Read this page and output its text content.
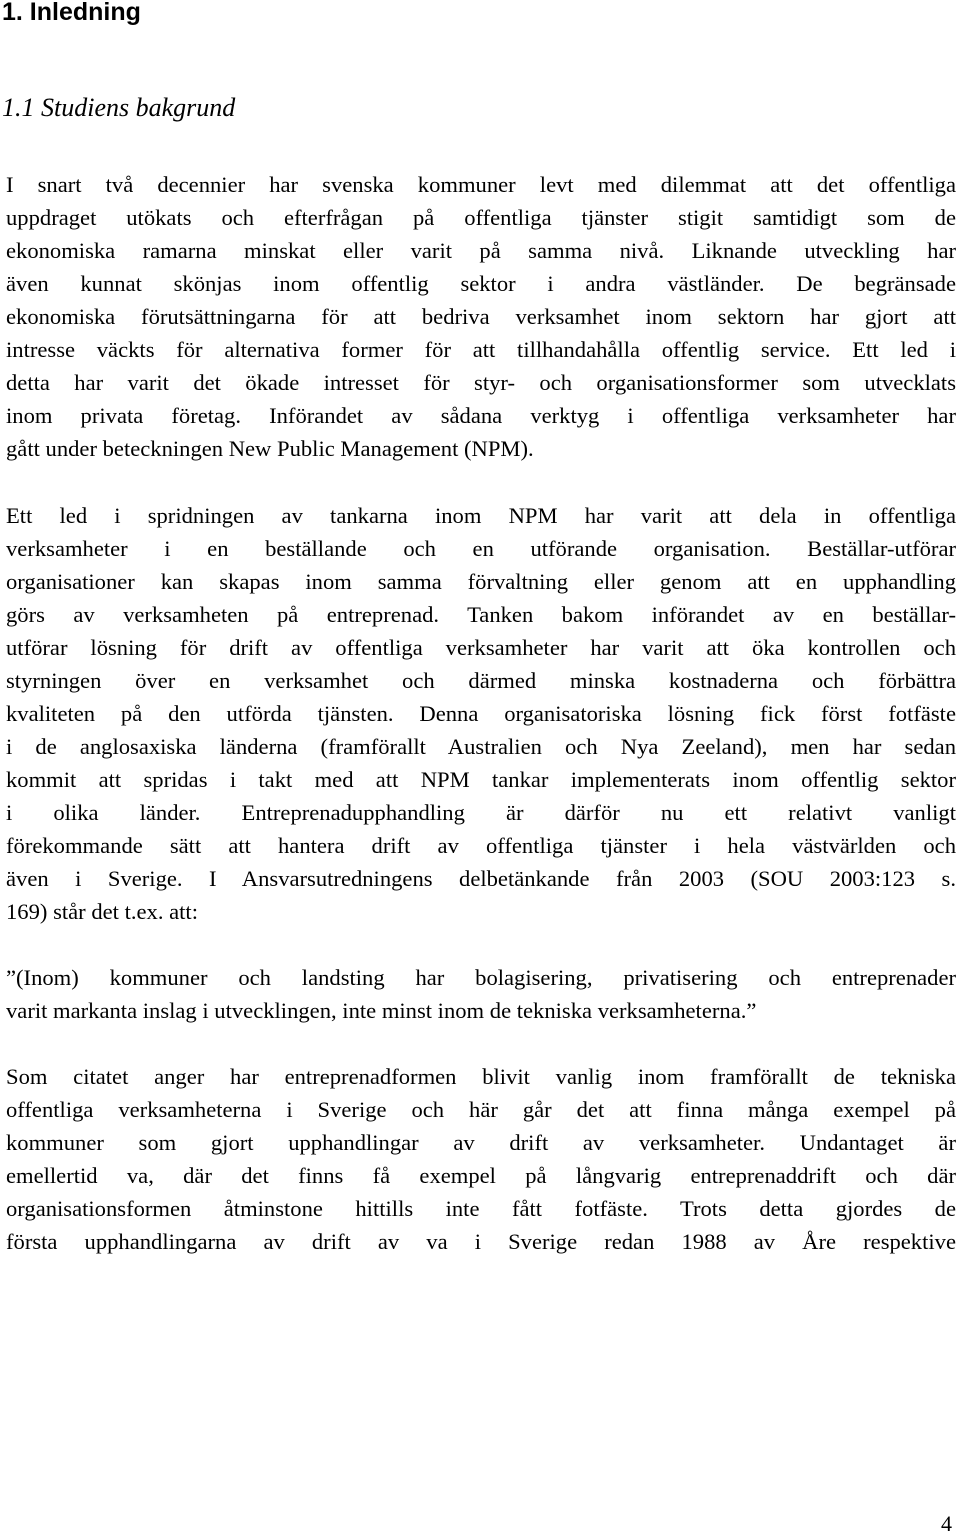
1. Inledning
1.1 Studiens bakgrund
I snart två decennier har svenska kommuner levt med dilemmat att det offentliga
uppdraget utökats och efterfrågan på offentliga tjänster stigit samtidigt som de
ekonomiska ramarna minskat eller varit på samma nivå. Liknande utveckling har
även kunnat skönjas inom offentlig sektor i andra västländer. De begränsade
ekonomiska förutsättningarna för att bedriva verksamhet inom sektorn har gjort att
intresse väckts för alternativa former för att tillhandahålla offentlig service. Ett led i
detta har varit det ökade intresset för styr- och organisationsformer som utvecklats
inom privata företag. Införandet av sådana verktyg i offentliga verksamheter har
gått under beteckningen New Public Management (NPM).
Ett led i spridningen av tankarna inom NPM har varit att dela in offentliga
verksamheter i en beställande och en utförande organisation. Beställar-utförar
organisationer kan skapas inom samma förvaltning eller genom att en upphandling
görs av verksamheten på entreprenad. Tanken bakom införandet av en beställar-
utförar lösning för drift av offentliga verksamheter har varit att öka kontrollen och
styrningen över en verksamhet och därmed minska kostnaderna och förbättra
kvaliteten på den utförda tjänsten. Denna organisatoriska lösning fick först fotfäste
i de anglosaxiska länderna (framförallt Australien och Nya Zeeland), men har sedan
kommit att spridas i takt med att NPM tankar implementerats inom offentlig sektor
i olika länder. Entreprenadupphandling är därför nu ett relativt vanligt
förekommande sätt att hantera drift av offentliga tjänster i hela västvärlden och
även i Sverige. I Ansvarsutredningens delbetänkande från 2003 (SOU 2003:123 s.
169) står det t.ex. att:
”(Inom) kommuner och landsting har bolagisering, privatisering och entreprenader
varit markanta inslag i utvecklingen, inte minst inom de tekniska verksamheterna.”
Som citatet anger har entreprenadformen blivit vanlig inom framförallt de tekniska
offentliga verksamheterna i Sverige och här går det att finna många exempel på
kommuner som gjort upphandlingar av drift av verksamheter. Undantaget är
emellertid va, där det finns få exempel på långvarig entreprenaddrift och där
organisationsformen åtminstone hittills inte fått fotfäste. Trots detta gjordes de
första upphandlingarna av drift av va i Sverige redan 1988 av Åre respektive
4
